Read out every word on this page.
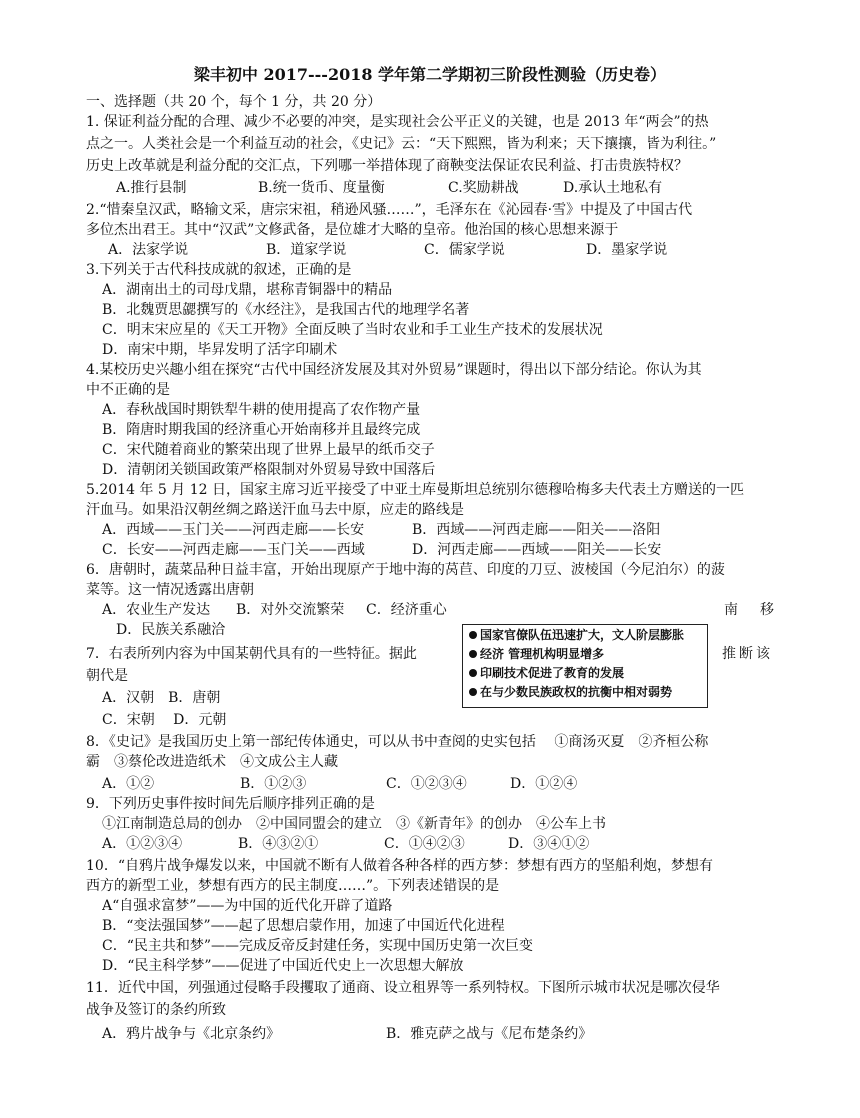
梁丰初中 2017---2018 学年第二学期初三阶段性测验（历史卷）
一、选择题（共 20 个，每个 1 分，共 20 分）
1. 保证利益分配的合理、减少不必要的冲突，是实现社会公平正义的关键，也是 2013 年“两会”的热
点之一。人类社会是一个利益互动的社会，《史记》云：“天下熙熙，皆为利来；天下攘攘，皆为利往。”
历史上改革就是利益分配的交汇点，下列哪一举措体现了商鞅变法保证农民利益、打击贵族特权？
A.推行县制	B.统一货币、度量衡	C.奖励耕战	D.承认土地私有
2.“惜秦皇汉武，略输文采，唐宗宋祖，稍逊风骚……”，毛泽东在《沁园春·雪》中提及了中国古代
多位杰出君王。其中“汉武”文修武备，是位雄才大略的皇帝。他治国的核心思想来源于
A．法家学说	B．道家学说	C．儒家学说	D．墨家学说
3.下列关于古代科技成就的叙述，正确的是
A．湖南出土的司母戊鼎，堪称青铜器中的精品
B．北魏贾思勰撰写的《水经注》，是我国古代的地理学名著
C．明末宋应星的《天工开物》全面反映了当时农业和手工业生产技术的发展状况
D．南宋中期，毕昇发明了活字印刷术
4.某校历史兴趣小组在探究“古代中国经济发展及其对外贸易”课题时，得出以下部分结论。你认为其
中不正确的是
A．春秋战国时期铁犁牛耕的使用提高了农作物产量
B．隋唐时期我国的经济重心开始南移并且最终完成
C．宋代随着商业的繁荣出现了世界上最早的纸币交子
D．清朝闭关锁国政策严格限制对外贸易导致中国落后
5.2014 年 5 月 12 日，国家主席习近平接受了中亚土库曼斯坦总统别尔德穆哈梅多夫代表土方赠送的一匹
汗血马。如果沿汉朝丝绸之路送汗血马去中原，应走的路线是
A．西域——玉门关——河西走廊——长安	B．西域——河西走廊——阳关——洛阳
C．长安——河西走廊——玉门关——西域	D．河西走廊——西域——阳关——长安
6．唐朝时，蔬菜品种日益丰富，开始出现原产于地中海的莴苣、印度的刀豆、波棱国（今尼泊尔）的菠
菜等。这一情况透露出唐朝
A．农业生产发达 B．对外交流繁荣 C．经济重心	南 移
D．民族关系融洽
7．右表所列内容为中国某朝代具有的一些特征。据此	推断该
朝代是
A．汉朝　B．唐朝
C．宋朝　 D．元朝
国家官僚队伍迅速扩大，文人阶层膨胀
经济 管理机构明显增多
印刷技术促进了教育的发展
在与少数民族政权的抗衡中相对弱势
8．《史记》是我国历史上第一部纪传体通史，可以从书中查阅的史实包括　 ①商汤灭夏　②齐桓公称
霸　③蔡伦改进造纸术　④文成公主人藏
A．①②	B．①②③	C．①②③④	D．①②④
9．下列历史事件按时间先后顺序排列正确的是
①江南制造总局的创办　②中国同盟会的建立　③《新青年》的创办　④公车上书
A．①②③④	B．④③②①	C．①④②③	D．③④①②
10．“自鸦片战争爆发以来，中国就不断有人做着各种各样的西方梦：梦想有西方的坚船利炮，梦想有
西方的新型工业，梦想有西方的民主制度……”。下列表述错误的是
A“自强求富梦”——为中国的近代化开辟了道路
B．“变法强国梦”——起了思想启蒙作用，加速了中国近代化进程
C．“民主共和梦”——完成反帝反封建任务，实现中国历史第一次巨变
D．“民主科学梦”——促进了中国近代史上一次思想大解放
11．近代中国，列强通过侵略手段攫取了通商、设立租界等一系列特权。下图所示城市状况是哪次侵华
战争及签订的条约所致
A．鸦片战争与《北京条约》	B．雅克萨之战与《尼布楚条约》
